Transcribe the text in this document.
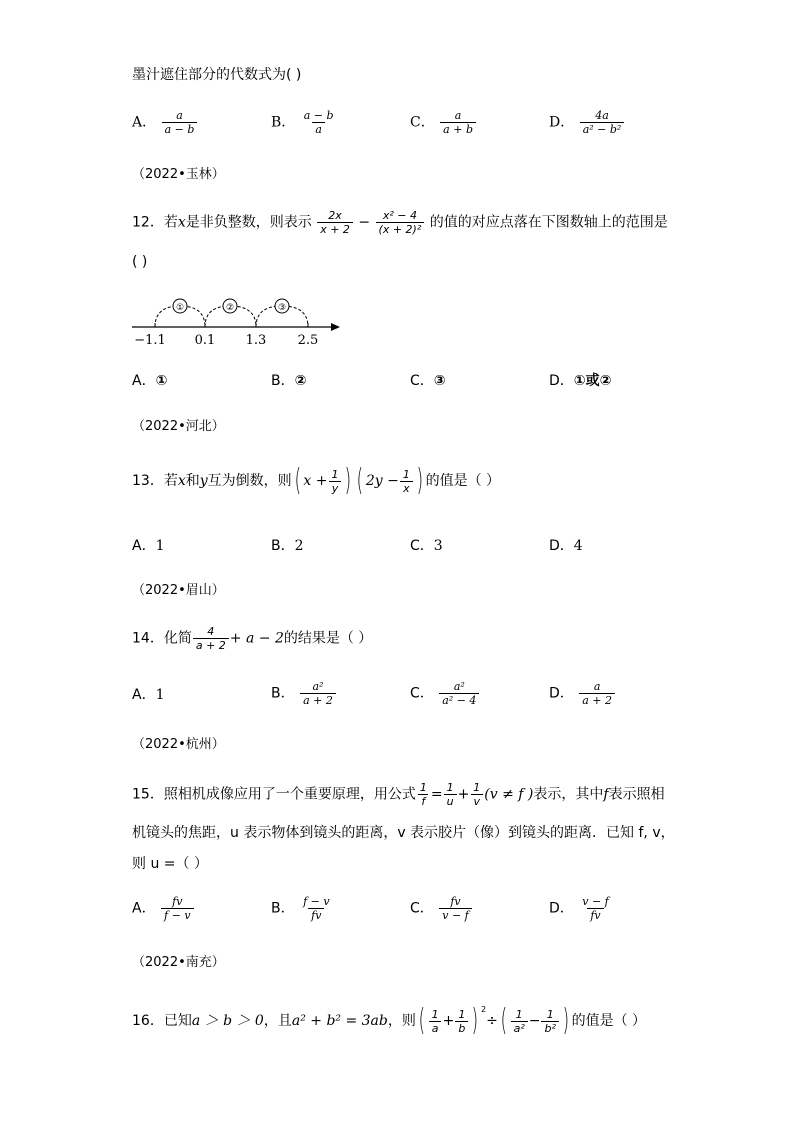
墨汁遮住部分的代数式为( )
A． $\frac{a}{a - b}$	B． $\frac{a - b}{a}$	C． $\frac{a}{a + b}$	D． $\frac{4a}{\text{a² − b²}}$
（2022•玉林）
12．若x是非负整数，则表示 $\frac{2x}{x + 2} - \frac{\text{x² − 4}}{\text{(x + 2)²}}$ 的值的对应点落在下图数轴上的范围是
( )
①	②	③
−1.1 0.1 1.3 2.5
A．①	B．②	C．③	D．①或②
（2022•河北）
13．若x和y互为倒数，则( $x + \frac{1}{y}$ ) ( $2y - \frac{1}{x}$ ) 的值是（ ）
A．1	B．2	C．3	D．4
（2022•眉山）
14．化简 $\frac{4}{a + 2} + a - 2$的结果是（ ）
A．1	B． $\frac{\text{a²}}{a + 2}$	C． $\frac{\text{a²}}{\text{a² − 4}}$	D． $\frac{a}{a + 2}$
（2022•杭州）
15．照相机成像应用了一个重要原理，用公式 $\frac{1}{f} = \frac{1}{u} + \frac{1}{v} (v \ne f$ )表示，其中f表示照相
机镜头的焦距，u 表示物体到镜头的距离，v 表示胶片（像）到镜头的距离．已知 f, v，
则 u =（ ）
A． $\frac{fv}{f - v}$	B． $\frac{f - v}{fv}$	C． $\frac{fv}{v - f}$	D． $\frac{v - f}{fv}$
（2022•南充）
16．已知a ＞ b ＞ 0，且a² + b² = 3ab，则( $\frac{1}{a} + \frac{1}{b}$ ) $^2\div( \frac{1}{\text{a²}} - \frac{1}{\text{b²}}$ ) 的值是（ ）
